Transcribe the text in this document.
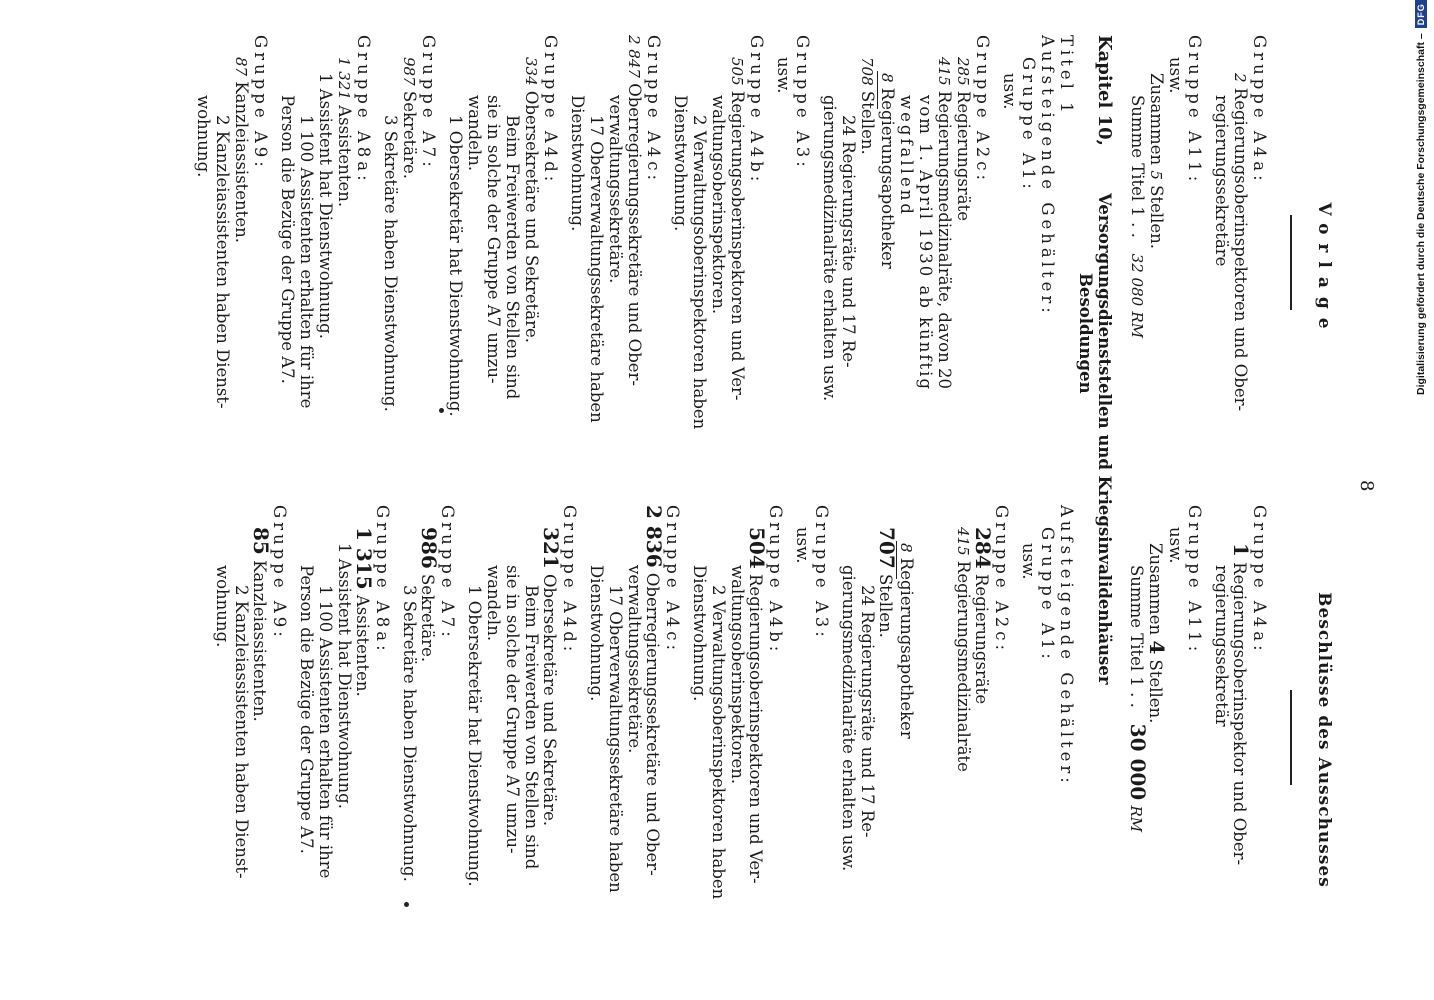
Digitalisierung gefördert durch die Deutsche Forschungsgemeinschaft –
DFG
8
Vorlage
Gruppe A4a:
2 Regierungsoberinspektoren und Ober-
regierungssekretäre
Gruppe A11:
usw.
Zusammen 5 Stellen.
Summe Titel 1 . .   32 080 RM
Kapitel 10,         Versorgungsdienststellen und Kriegsinvalidenhäuser
Besoldungen
Titel 1
Aufsteigende Gehälter:
Gruppe A1:
usw.
Gruppe A2c:
285 Regierungsräte
415 Regierungsmedizinalräte, davon 20
vom 1. April 1930 ab künftig
wegfallend
8 Regierungsapotheker
708 Stellen.
24 Regierungsräte und 17 Re-
gierungsmedizinalräte erhalten usw.
Gruppe A3:
usw.
Gruppe A4b:
505 Regierungsoberinspektoren und Ver-
waltungsoberinspektoren.
2 Verwaltungsoberinspektoren haben
Dienstwohnung.
Gruppe A4c:
2 847 Oberregierungssekretäre und Ober-
verwaltungssekretäre.
17 Oberverwaltungssekretäre haben
Dienstwohnung.
Gruppe A4d:
334 Obersekretäre und Sekretäre.
Beim Freiwerden von Stellen sind
sie in solche der Gruppe A7 umzu-
wandeln.
1 Obersekretär hat Dienstwohnung.
Gruppe A7:
987 Sekretäre.
3 Sekretäre haben Dienstwohnung.
Gruppe A8a:
1 321 Assistenten.
1 Assistent hat Dienstwohnung.
1 100 Assistenten erhalten für ihre
Person die Bezüge der Gruppe A7.
Gruppe A9:
87 Kanzleiassistenten.
2 Kanzleiassistenten haben Dienst-
wohnung.
Beschlüsse des Ausschusses
Gruppe A4a:
1 Regierungsoberinspektor und Ober-
regierungssekretär
Gruppe A11:
usw.
Zusammen 4 Stellen.
Summe Titel 1 . .   30 000 RM
Aufsteigende Gehälter:
Gruppe A1:
usw.
Gruppe A2c:
284 Regierungsräte
415 Regierungsmedizinalräte
8 Regierungsapotheker
707 Stellen.
24 Regierungsräte und 17 Re-
gierungsmedizinalräte erhalten usw.
Gruppe A3:
usw.
Gruppe A4b:
504 Regierungsoberinspektoren und Ver-
waltungsoberinspektoren.
2 Verwaltungsoberinspektoren haben
Dienstwohnung.
Gruppe A4c:
2 836 Oberregierungssekretäre und Ober-
verwaltungssekretäre.
17 Oberverwaltungssekretäre haben
Dienstwohnung.
Gruppe A4d:
321 Obersekretäre und Sekretäre.
Beim Freiwerden von Stellen sind
sie in solche der Gruppe A7 umzu-
wandeln.
1 Obersekretär hat Dienstwohnung.
Gruppe A7:
986 Sekretäre.
3 Sekretäre haben Dienstwohnung.
Gruppe A8a:
1 315 Assistenten.
1 Assistent hat Dienstwohnung.
1 100 Assistenten erhalten für ihre
Person die Bezüge der Gruppe A7.
Gruppe A9:
85 Kanzleiassistenten.
2 Kanzleiassistenten haben Dienst-
wohnung.
